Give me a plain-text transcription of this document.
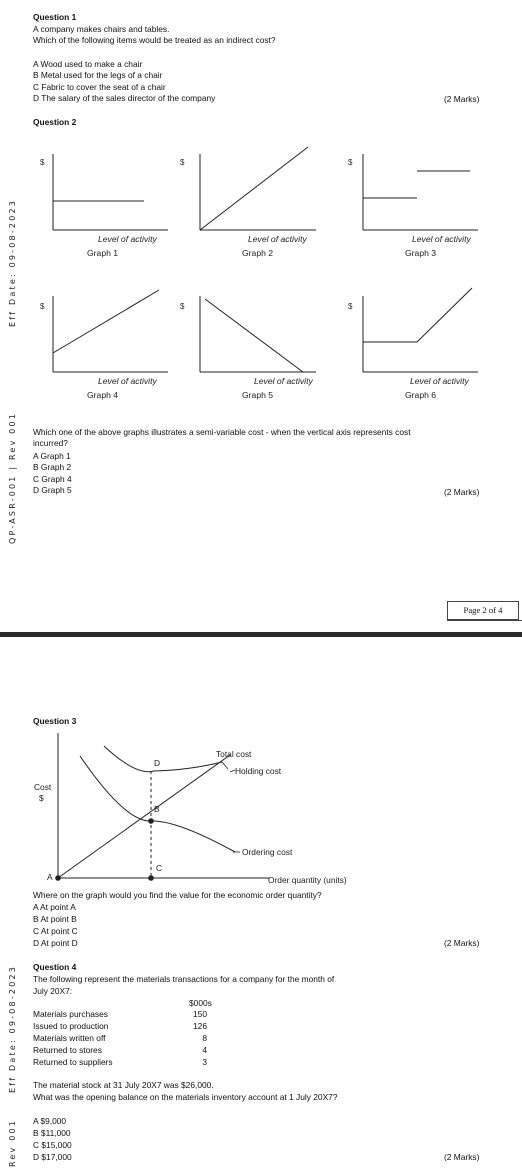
Eff Date: 09-08-2023
QP-ASR-001 | Rev 001
Eff Date: 09-08-2023
Rev 001
Question 1
A company makes chairs and tables.
Which of the following items would be treated as an indirect cost?
A Wood used to make a chair
B Metal used for the legs of a chair
C Fabric to cover the seat of a chair
D The salary of the sales director of the company	(2 Marks)
Question 2
$
Level of activity
Graph 1
$
Level of activity
Graph 2
$
Level of activity
Graph 3
$
Level of activity
Graph 4
$
Level of activity
Graph 5
$
Level of activity
Graph 6
Which one of the above graphs illustrates a semi-variable cost - when the vertical axis represents cost
incurred?
A Graph 1
B Graph 2
C Graph 4
D Graph 5	(2 Marks)
Page 2 of 4
Question 3
Cost
$
Total cost
Holding cost
Ordering cost
Order quantity (units)
A
B
C
D
Where on the graph would you find the value for the economic order quantity?
A At point A
B At point B
C At point C
D At point D	(2 Marks)
Question 4
The following represent the materials transactions for a company for the month of
July 20X7:
$000s
Materials purchases	150
Issued to production	126
Materials written off	8
Returned to stores	4
Returned to suppliers	3
The material stock at 31 July 20X7 was $26,000.
What was the opening balance on the materials inventory account at 1 July 20X7?
A $9,000
B $11,000
C $15,000
D $17,000	(2 Marks)
